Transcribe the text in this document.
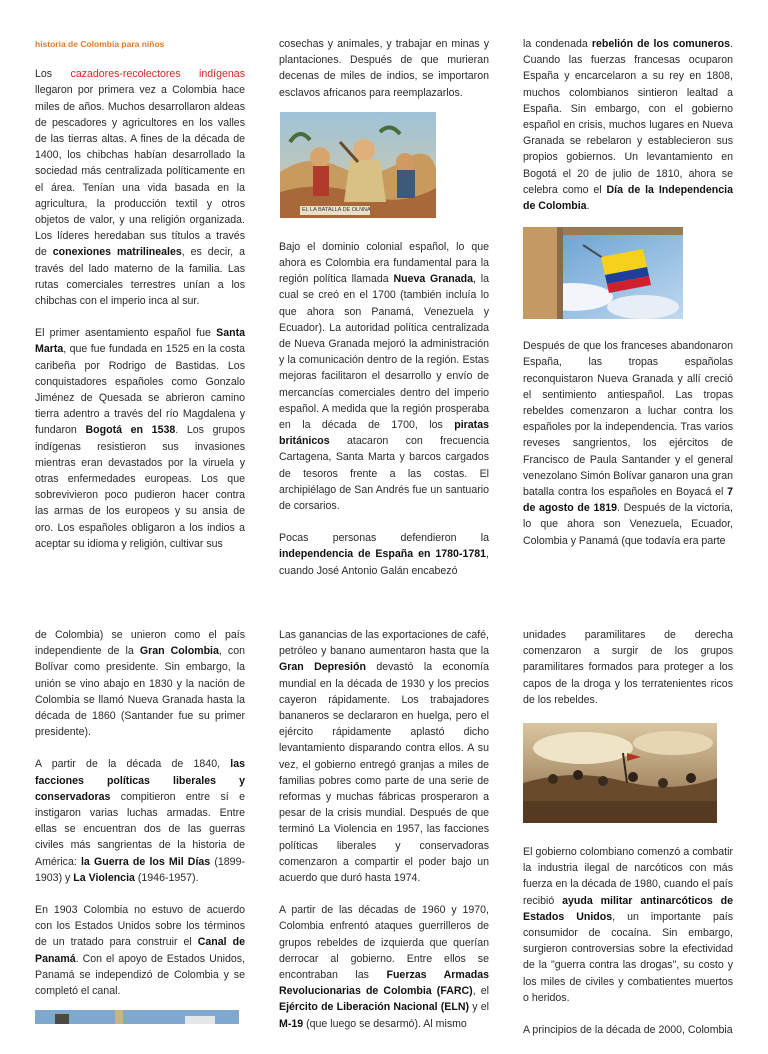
historia de Colombia para niños

Los cazadores-recolectores indígenas llegaron por primera vez a Colombia hace miles de años. Muchos desarrollaron aldeas de pescadores y agricultores en los valles de las tierras altas. A fines de la década de 1400, los chibchas habían desarrollado la sociedad más centralizada políticamente en el área. Tenían una vida basada en la agricultura, la producción textil y otros objetos de valor, y una religión organizada. Los líderes heredaban sus títulos a través de conexiones matrilineales, es decir, a través del lado materno de la familia. Las rutas comerciales terrestres unían a los chibchas con el imperio inca al sur.

El primer asentamiento español fue Santa Marta, que fue fundada en 1525 en la costa caribeña por Rodrigo de Bastidas. Los conquistadores españoles como Gonzalo Jiménez de Quesada se abrieron camino tierra adentro a través del río Magdalena y fundaron Bogotá en 1538. Los grupos indígenas resistieron sus invasiones mientras eran devastados por la viruela y otras enfermedades europeas. Los que sobrevivieron poco pudieron hacer contra las armas de los europeos y su ansia de oro. Los españoles obligaron a los indios a aceptar su idioma y religión, cultivar sus

cosechas y animales, y trabajar en minas y plantaciones. Después de que murieran decenas de miles de indios, se importaron esclavos africanos para reemplazarlos.

Bajo el dominio colonial español, lo que ahora es Colombia era fundamental para la región política llamada Nueva Granada, la cual se creó en el 1700 (también incluía lo que ahora son Panamá, Venezuela y Ecuador). La autoridad política centralizada de Nueva Granada mejoró la administración y la comunicación dentro de la región. Estas mejoras facilitaron el desarrollo y envío de mercancías comerciales dentro del imperio español. A medida que la región prosperaba en la década de 1700, los piratas británicos atacaron con frecuencia Cartagena, Santa Marta y barcos cargados de tesoros frente a las costas. El archipiélago de San Andrés fue un santuario de corsarios.

Pocas personas defendieron la independencia de España en 1780-1781, cuando José Antonio Galán encabezó

EL LA BATALLA DE OLNNA

la condenada rebelión de los comuneros. Cuando las fuerzas francesas ocuparon España y encarcelaron a su rey en 1808, muchos colombianos sintieron lealtad a España. Sin embargo, con el gobierno español en crisis, muchos lugares en Nueva Granada se rebelaron y establecieron sus propios gobiernos. Un levantamiento en Bogotá el 20 de julio de 1810, ahora se celebra como el Día de la Independencia de Colombia.

Después de que los franceses abandonaron España, las tropas españolas reconquistaron Nueva Granada y allí creció el sentimiento antiespañol. Las tropas rebeldes comenzaron a luchar contra los españoles por la independencia. Tras varios reveses sangrientos, los ejércitos de Francisco de Paula Santander y el general venezolano Simón Bolívar ganaron una gran batalla contra los españoles en Boyacá el 7 de agosto de 1819. Después de la victoria, lo que ahora son Venezuela, Ecuador, Colombia y Panamá (que todavía era parte

de Colombia) se unieron como el país independiente de la Gran Colombia, con Bolívar como presidente. Sin embargo, la unión se vino abajo en 1830 y la nación de Colombia se llamó Nueva Granada hasta la década de 1860 (Santander fue su primer presidente).

A partir de la década de 1840, las facciones políticas liberales y conservadoras compitieron entre sí e instigaron varias luchas armadas. Entre ellas se encuentran dos de las guerras civiles más sangrientas de la historia de América: la Guerra de los Mil Días (1899-1903) y La Violencia (1946-1957).

En 1903 Colombia no estuvo de acuerdo con los Estados Unidos sobre los términos de un tratado para construir el Canal de Panamá. Con el apoyo de Estados Unidos, Panamá se independizó de Colombia y se completó el canal.

Las ganancias de las exportaciones de café, petróleo y banano aumentaron hasta que la Gran Depresión devastó la economía mundial en la década de 1930 y los precios cayeron rápidamente. Los trabajadores bananeros se declararon en huelga, pero el ejército rápidamente aplastó dicho levantamiento disparando contra ellos. A su vez, el gobierno entregó granjas a miles de familias pobres como parte de una serie de reformas y muchas fábricas prosperaron a pesar de la crisis mundial. Después de que terminó La Violencia en 1957, las facciones políticas liberales y conservadoras comenzaron a compartir el poder bajo un acuerdo que duró hasta 1974.

A partir de las décadas de 1960 y 1970, Colombia enfrentó ataques guerrilleros de grupos rebeldes de izquierda que querían derrocar al gobierno. Entre ellos se encontraban las Fuerzas Armadas Revolucionarias de Colombia (FARC), el Ejército de Liberación Nacional (ELN) y el M-19 (que luego se desarmó). Al mismo

unidades paramilitares de derecha comenzaron a surgir de los grupos paramilitares formados para proteger a los capos de la droga y los terratenientes ricos de los rebeldes.

El gobierno colombiano comenzó a combatir la industria ilegal de narcóticos con más fuerza en la década de 1980, cuando el país recibió ayuda militar antinarcóticos de Estados Unidos, un importante país consumidor de cocaína. Sin embargo, surgieron controversias sobre la efectividad de la "guerra contra las drogas", su costo y los miles de civiles y combatientes muertos o heridos.

A principios de la década de 2000, Colombia
